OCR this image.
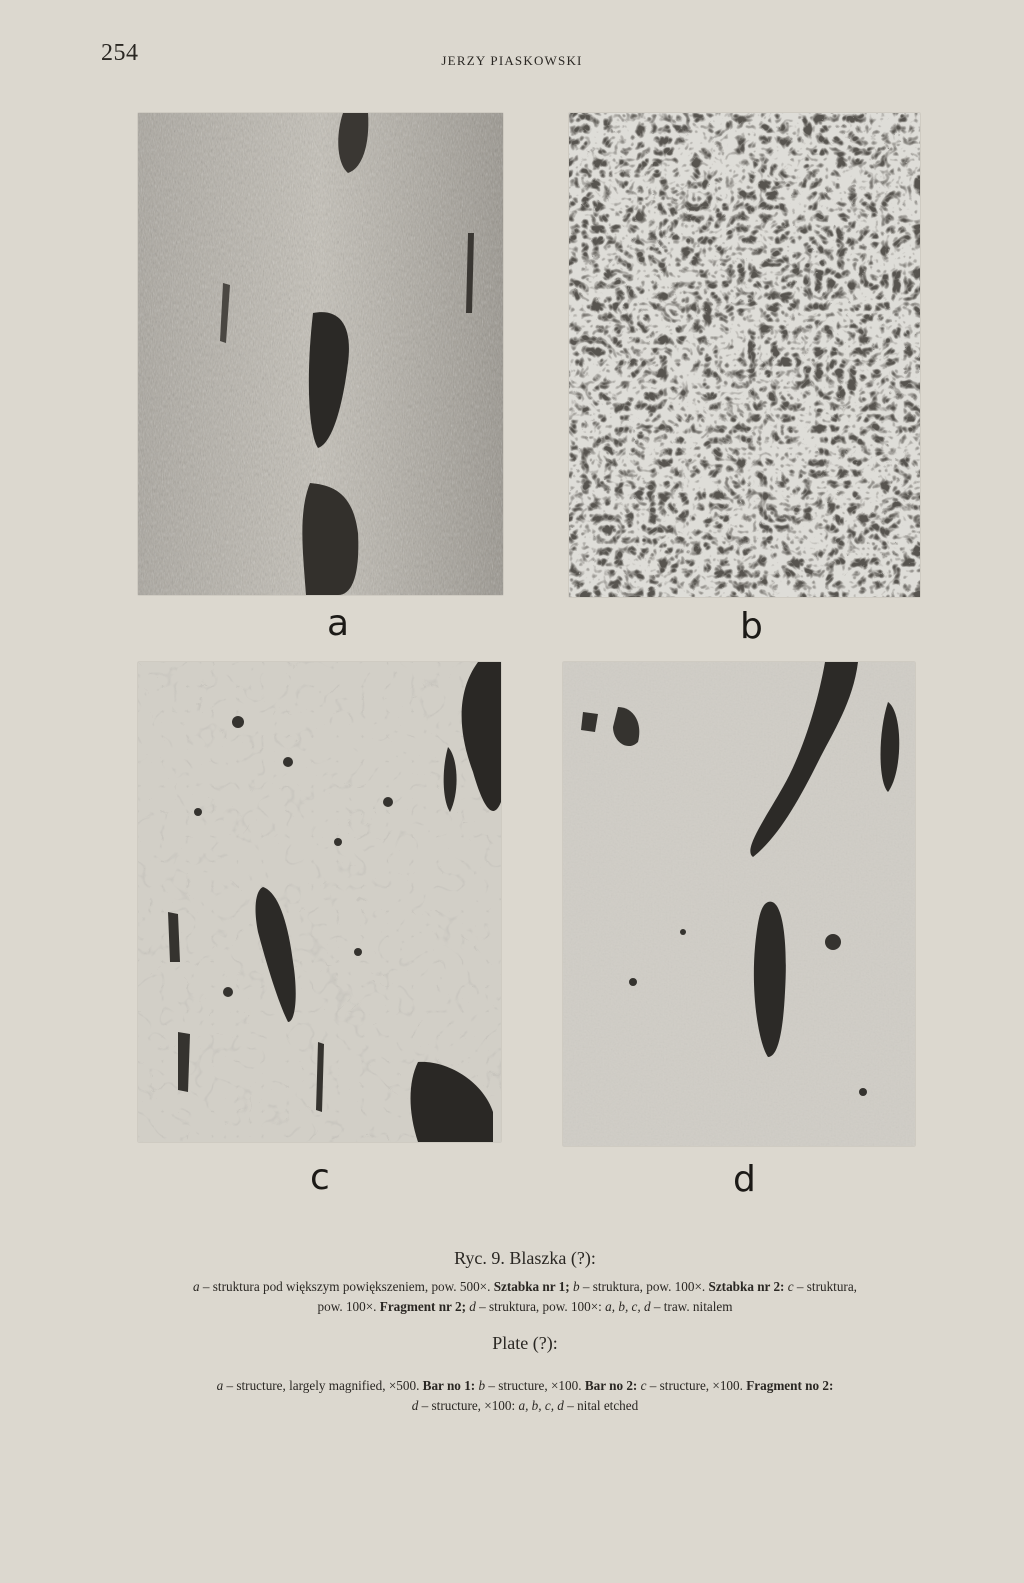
254	JERZY PIASKOWSKI
a	b
c	d
Ryc. 9. Blaszka (?):
a – struktura pod większym powiększeniem, pow. 500×. Sztabka nr 1; b – struktura, pow. 100×. Sztabka nr 2: c – struktura,
pow. 100×. Fragment nr 2; d – struktura, pow. 100×: a, b, c, d – traw. nitalem
Plate (?):
a – structure, largely magnified, ×500. Bar no 1: b – structure, ×100. Bar no 2: c – structure, ×100. Fragment no 2:
d – structure, ×100: a, b, c, d – nital etched
